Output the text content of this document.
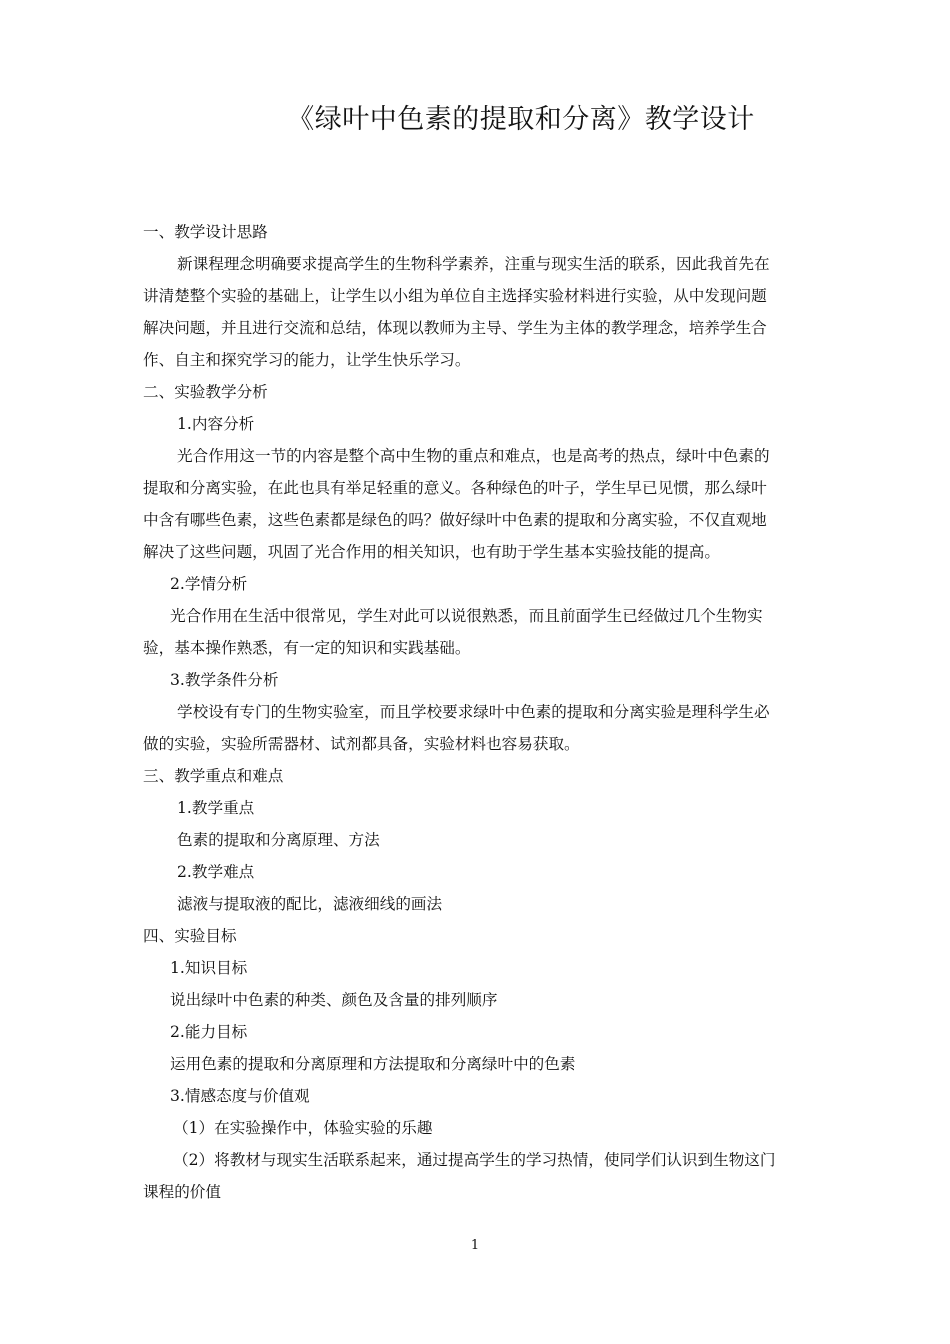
《绿叶中色素的提取和分离》教学设计

一、教学设计思路

新课程理念明确要求提高学生的生物科学素养，注重与现实生活的联系，因此我首先在

讲清楚整个实验的基础上，让学生以小组为单位自主选择实验材料进行实验，从中发现问题

解决问题，并且进行交流和总结，体现以教师为主导、学生为主体的教学理念，培养学生合

作、自主和探究学习的能力，让学生快乐学习。

二、实验教学分析

1.内容分析

光合作用这一节的内容是整个高中生物的重点和难点，也是高考的热点，绿叶中色素的

提取和分离实验，在此也具有举足轻重的意义。各种绿色的叶子，学生早已见惯，那么绿叶

中含有哪些色素，这些色素都是绿色的吗？做好绿叶中色素的提取和分离实验，不仅直观地

解决了这些问题，巩固了光合作用的相关知识，也有助于学生基本实验技能的提高。

2.学情分析

光合作用在生活中很常见，学生对此可以说很熟悉，而且前面学生已经做过几个生物实

验，基本操作熟悉，有一定的知识和实践基础。

3.教学条件分析

学校设有专门的生物实验室，而且学校要求绿叶中色素的提取和分离实验是理科学生必

做的实验，实验所需器材、试剂都具备，实验材料也容易获取。

三、教学重点和难点

1.教学重点

色素的提取和分离原理、方法

2.教学难点

滤液与提取液的配比，滤液细线的画法

四、实验目标

1.知识目标

说出绿叶中色素的种类、颜色及含量的排列顺序

2.能力目标

运用色素的提取和分离原理和方法提取和分离绿叶中的色素

3.情感态度与价值观

（1）在实验操作中，体验实验的乐趣

（2）将教材与现实生活联系起来，通过提高学生的学习热情，使同学们认识到生物这门

课程的价值

1
